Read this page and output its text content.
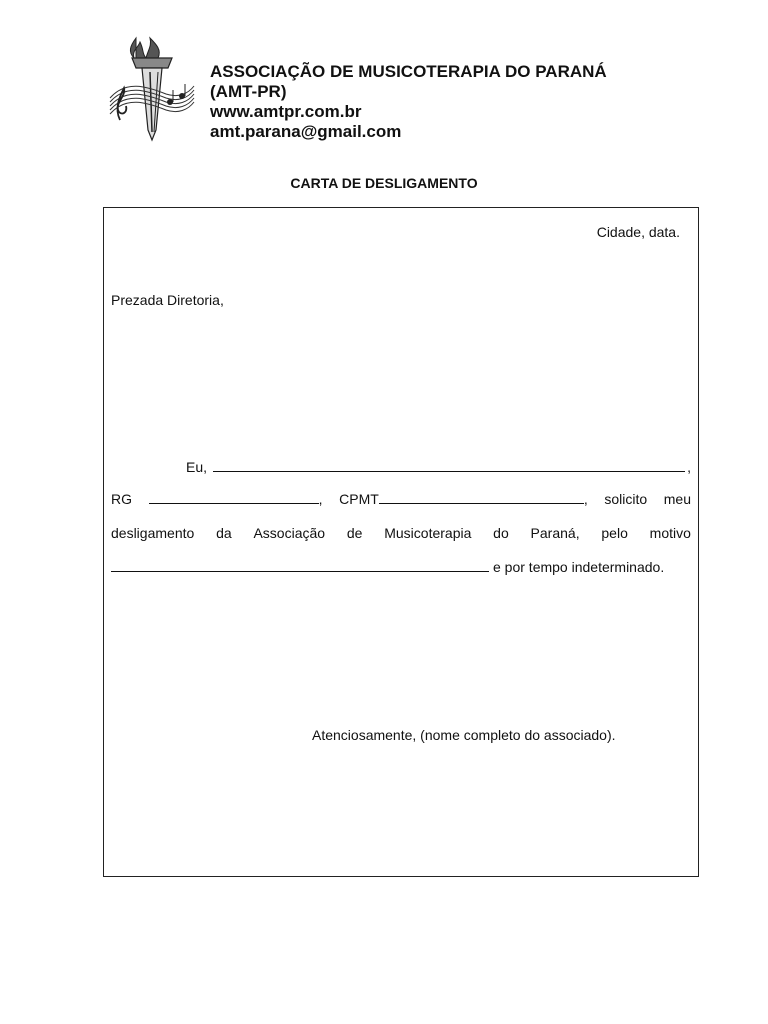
ASSOCIAÇÃO DE MUSICOTERAPIA DO PARANÁ
(AMT-PR)
www.amtpr.com.br
amt.parana@gmail.com
CARTA DE DESLIGAMENTO
Cidade, data.
Prezada Diretoria,
Eu,	,
RG	, CPMT	, solicito meu
desligamento da Associação de Musicoterapia do Paraná, pelo motivo
e por tempo indeterminado.
Atenciosamente, (nome completo do associado).
